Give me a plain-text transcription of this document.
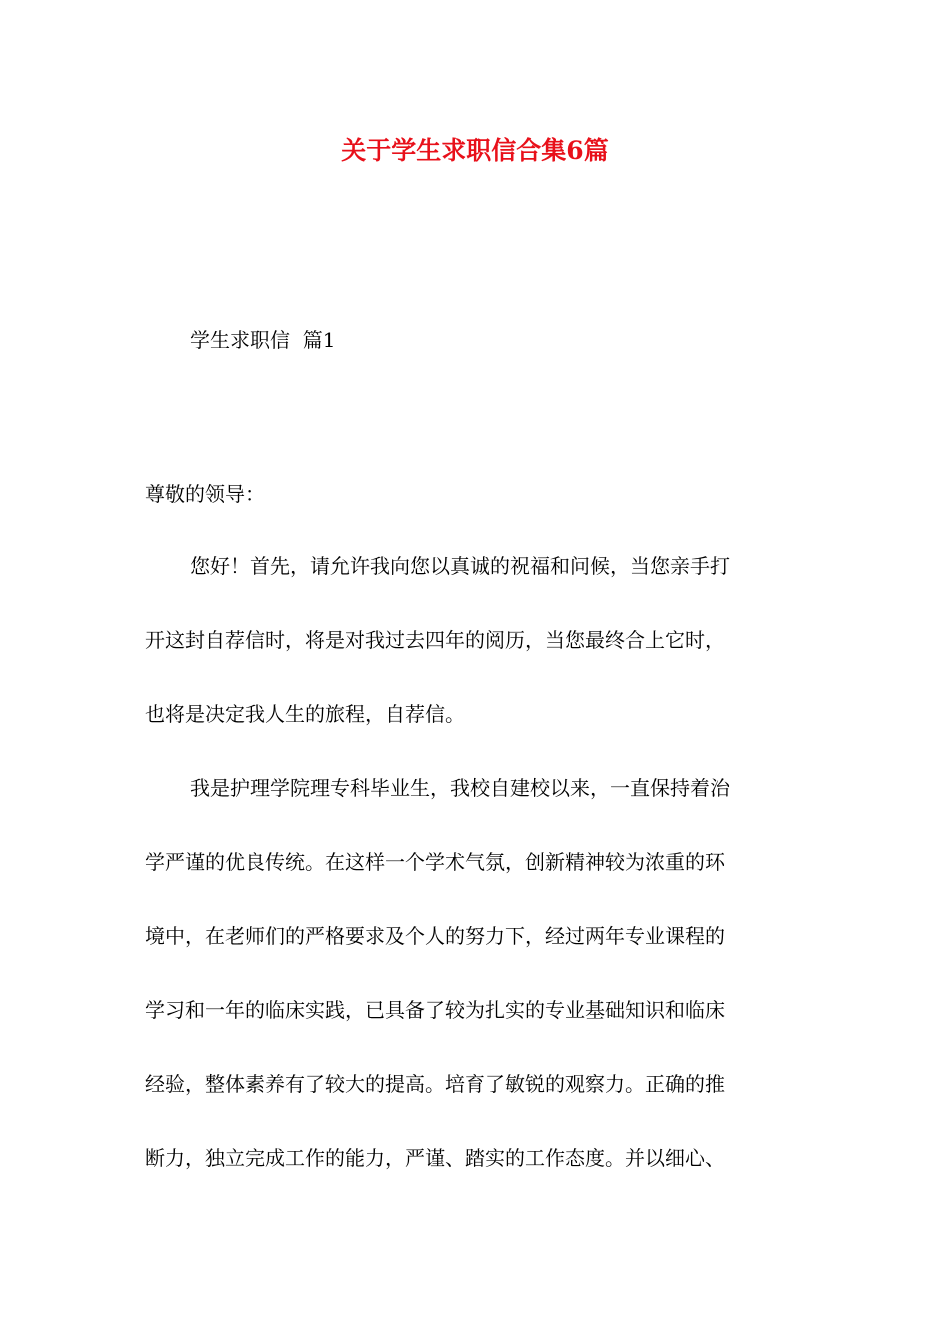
关于学生求职信合集6篇
学生求职信  篇1
尊敬的领导：
您好！首先，请允许我向您以真诚的祝福和问候，当您亲手打
开这封自荐信时，将是对我过去四年的阅历，当您最终合上它时，
也将是决定我人生的旅程，自荐信。
我是护理学院理专科毕业生，我校自建校以来，一直保持着治
学严谨的优良传统。在这样一个学术气氛，创新精神较为浓重的环
境中，在老师们的严格要求及个人的努力下，经过两年专业课程的
学习和一年的临床实践，已具备了较为扎实的专业基础知识和临床
经验，整体素养有了较大的提高。培育了敏锐的观察力。正确的推
断力，独立完成工作的能力，严谨、踏实的工作态度。并以细心、
